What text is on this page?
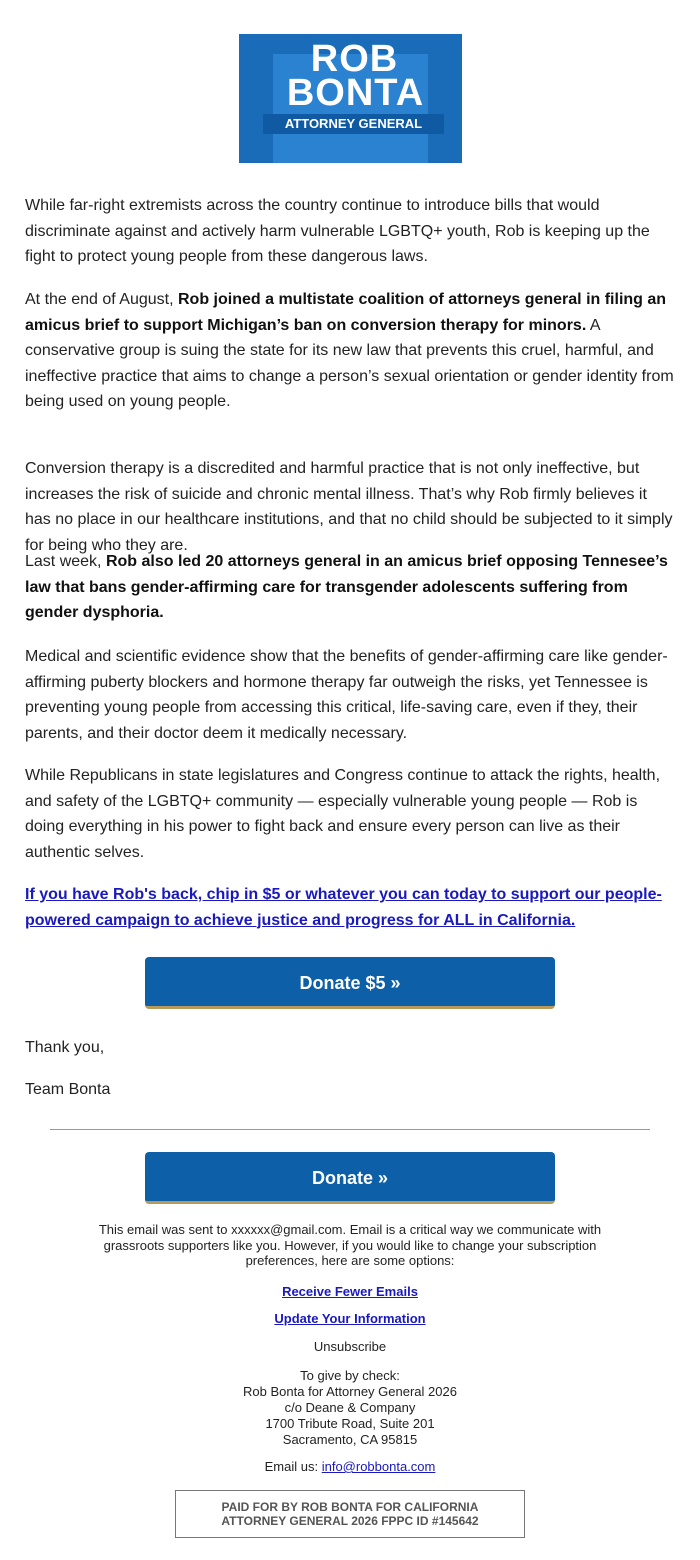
ROB
BONTA
ATTORNEY GENERAL

While far-right extremists across the country continue to introduce bills that would discriminate against and actively harm vulnerable LGBTQ+ youth, Rob is keeping up the fight to protect young people from these dangerous laws.

At the end of August, Rob joined a multistate coalition of attorneys general in filing an amicus brief to support Michigan’s ban on conversion therapy for minors. A conservative group is suing the state for its new law that prevents this cruel, harmful, and ineffective practice that aims to change a person’s sexual orientation or gender identity from being used on young people.

Conversion therapy is a discredited and harmful practice that is not only ineffective, but increases the risk of suicide and chronic mental illness. That’s why Rob firmly believes it has no place in our healthcare institutions, and that no child should be subjected to it simply for being who they are.

Last week, Rob also led 20 attorneys general in an amicus brief opposing Tennesee’s law that bans gender-affirming care for transgender adolescents suffering from gender dysphoria.

Medical and scientific evidence show that the benefits of gender-affirming care like gender-affirming puberty blockers and hormone therapy far outweigh the risks, yet Tennessee is preventing young people from accessing this critical, life-saving care, even if they, their parents, and their doctor deem it medically necessary.

While Republicans in state legislatures and Congress continue to attack the rights, health, and safety of the LGBTQ+ community — especially vulnerable young people — Rob is doing everything in his power to fight back and ensure every person can live as their authentic selves.

If you have Rob's back, chip in $5 or whatever you can today to support our people-powered campaign to achieve justice and progress for ALL in California.
Donate $5 »
Thank you,
Team Bonta
Donate »
This email was sent to xxxxxx@gmail.com. Email is a critical way we communicate with grassroots supporters like you. However, if you would like to change your subscription preferences, here are some options:
Receive Fewer Emails
Update Your Information
Unsubscribe
To give by check:
Rob Bonta for Attorney General 2026
c/o Deane & Company
1700 Tribute Road, Suite 201
Sacramento, CA 95815
Email us: info@robbonta.com
PAID FOR BY ROB BONTA FOR CALIFORNIA
ATTORNEY GENERAL 2026 FPPC ID #145642
